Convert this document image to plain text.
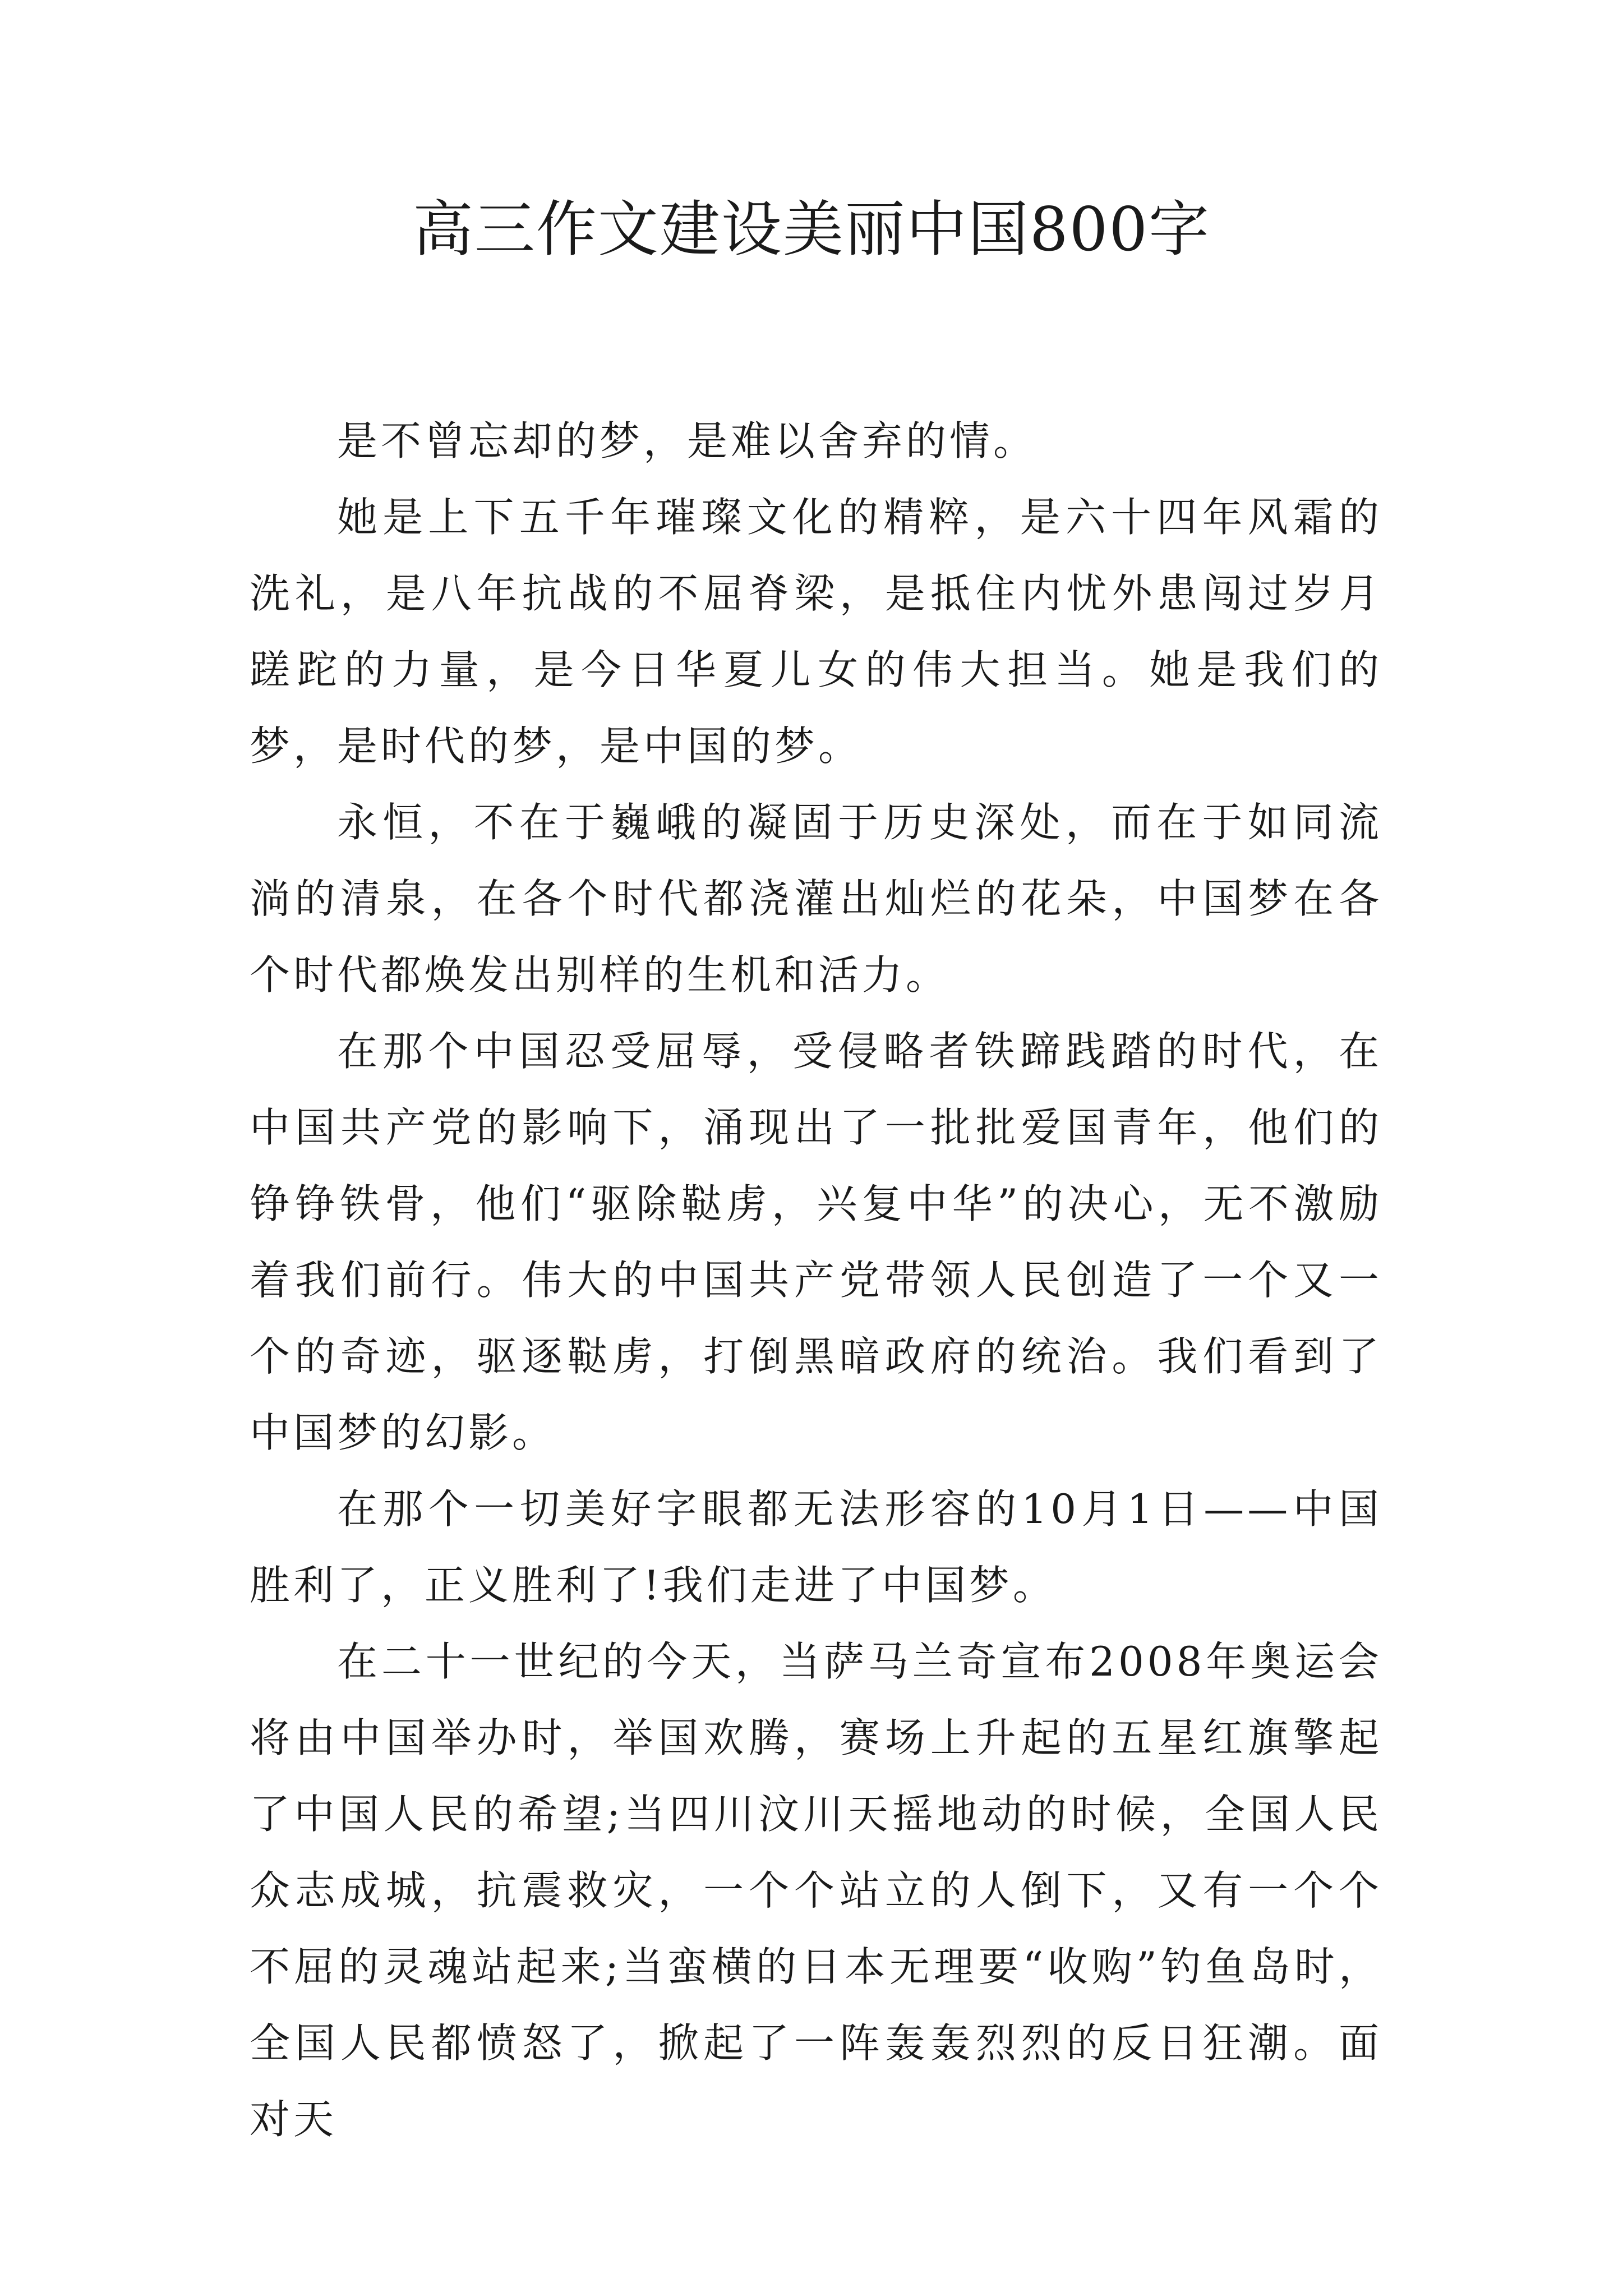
高三作文建设美丽中国800字

是不曾忘却的梦，是难以舍弃的情。

她是上下五千年璀璨文化的精粹，是六十四年风霜的洗礼，是八年抗战的不屈脊梁，是抵住内忧外患闯过岁月蹉跎的力量，是今日华夏儿女的伟大担当。她是我们的梦，是时代的梦，是中国的梦。

永恒，不在于巍峨的凝固于历史深处，而在于如同流淌的清泉，在各个时代都浇灌出灿烂的花朵，中国梦在各个时代都焕发出别样的生机和活力。

在那个中国忍受屈辱，受侵略者铁蹄践踏的时代，在中国共产党的影响下，涌现出了一批批爱国青年，他们的铮铮铁骨，他们“驱除鞑虏，兴复中华”的决心，无不激励着我们前行。伟大的中国共产党带领人民创造了一个又一个的奇迹，驱逐鞑虏，打倒黑暗政府的统治。我们看到了中国梦的幻影。

在那个一切美好字眼都无法形容的10月1日——中国胜利了，正义胜利了!我们走进了中国梦。

在二十一世纪的今天，当萨马兰奇宣布2008年奥运会将由中国举办时，举国欢腾，赛场上升起的五星红旗擎起了中国人民的希望;当四川汶川天摇地动的时候，全国人民众志成城，抗震救灾，一个个站立的人倒下，又有一个个不屈的灵魂站起来;当蛮横的日本无理要“收购”钓鱼岛时，全国人民都愤怒了，掀起了一阵轰轰烈烈的反日狂潮。面对天
